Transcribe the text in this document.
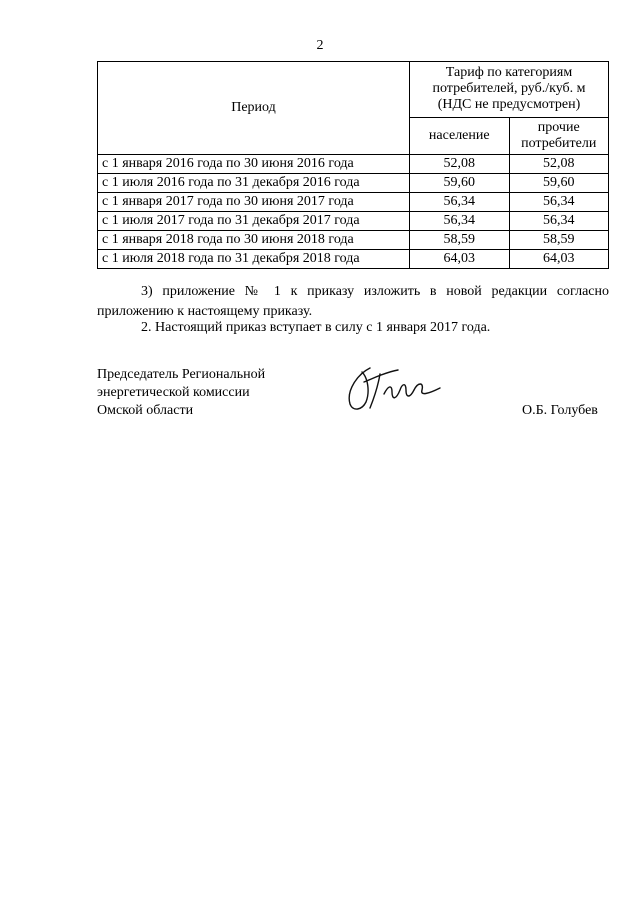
2
Период	Тариф по категориям
потребителей, руб./куб. м
(НДС не предусмотрен)	

	население	прочие
потребители

с 1 января 2016 года по 30 июня 2016 года	52,08	52,08
с 1 июля 2016 года по 31 декабря 2016 года	59,60	59,60
с 1 января 2017 года по 30 июня 2017 года	56,34	56,34
с 1 июля 2017 года по 31 декабря 2017 года	56,34	56,34
с 1 января 2018 года по 30 июня 2018 года	58,59	58,59
с 1 июля 2018 года по 31 декабря 2018 года	64,03	64,03
3) приложение № 1 к приказу изложить в новой редакции согласно приложению к настоящему приказу.
2. Настоящий приказ вступает в силу с 1 января 2017 года.
Председатель Региональной
энергетической комиссии
Омской области	О.Б. Голубев
